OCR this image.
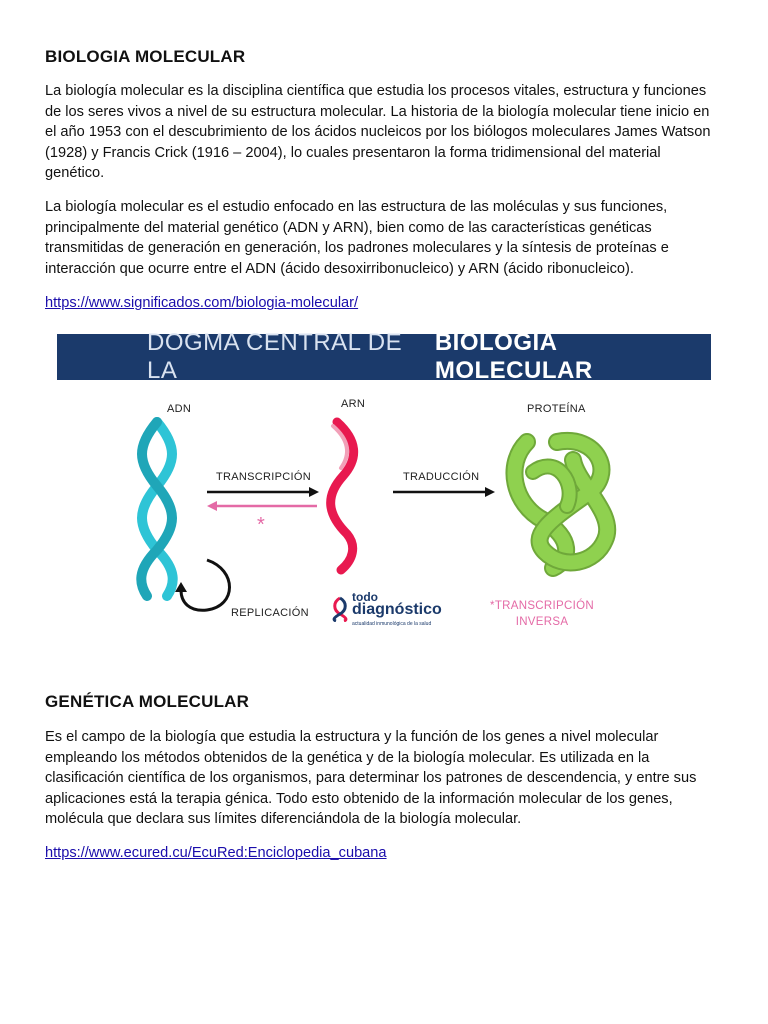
BIOLOGIA MOLECULAR

La biología molecular es la disciplina científica que estudia los procesos vitales, estructura y funciones de los seres vivos a nivel de su estructura molecular. La historia de la biología molecular tiene inicio en el año 1953 con el descubrimiento de los ácidos nucleicos por los biólogos moleculares James Watson (1928) y Francis Crick (1916 – 2004), lo cuales presentaron la forma tridimensional del material genético.

La biología molecular es el estudio enfocado en las estructura de las moléculas y sus funciones, principalmente del material genético (ADN y ARN), bien como de las características genéticas transmitidas de generación en generación, los padrones moleculares y la síntesis de proteínas e interacción que ocurre entre el ADN (ácido desoxirribonucleico) y ARN (ácido ribonucleico).

https://www.significados.com/biologia-molecular/
GENÉTICA MOLECULAR

Es el campo de la biología que estudia la estructura y la función de los genes a nivel molecular empleando los métodos obtenidos de la genética y de la biología molecular. Es utilizada en la clasificación científica de los organismos, para determinar los patrones de descendencia, y entre sus aplicaciones está la terapia génica. Todo esto obtenido de la información molecular de los genes, molécula que declara sus límites diferenciándola de la biología molecular.

https://www.ecured.cu/EcuRed:Enciclopedia_cubana
DOGMA CENTRAL DE LA
BIOLOGÍA MOLECULAR
ADN	ARN	PROTEÍNA
TRANSCRIPCIÓN	TRADUCCIÓN
REPLICACIÓN
*
*TRANSCRIPCIÓN
INVERSA
todo
diagnóstico
actualidad inmunológica de la salud
